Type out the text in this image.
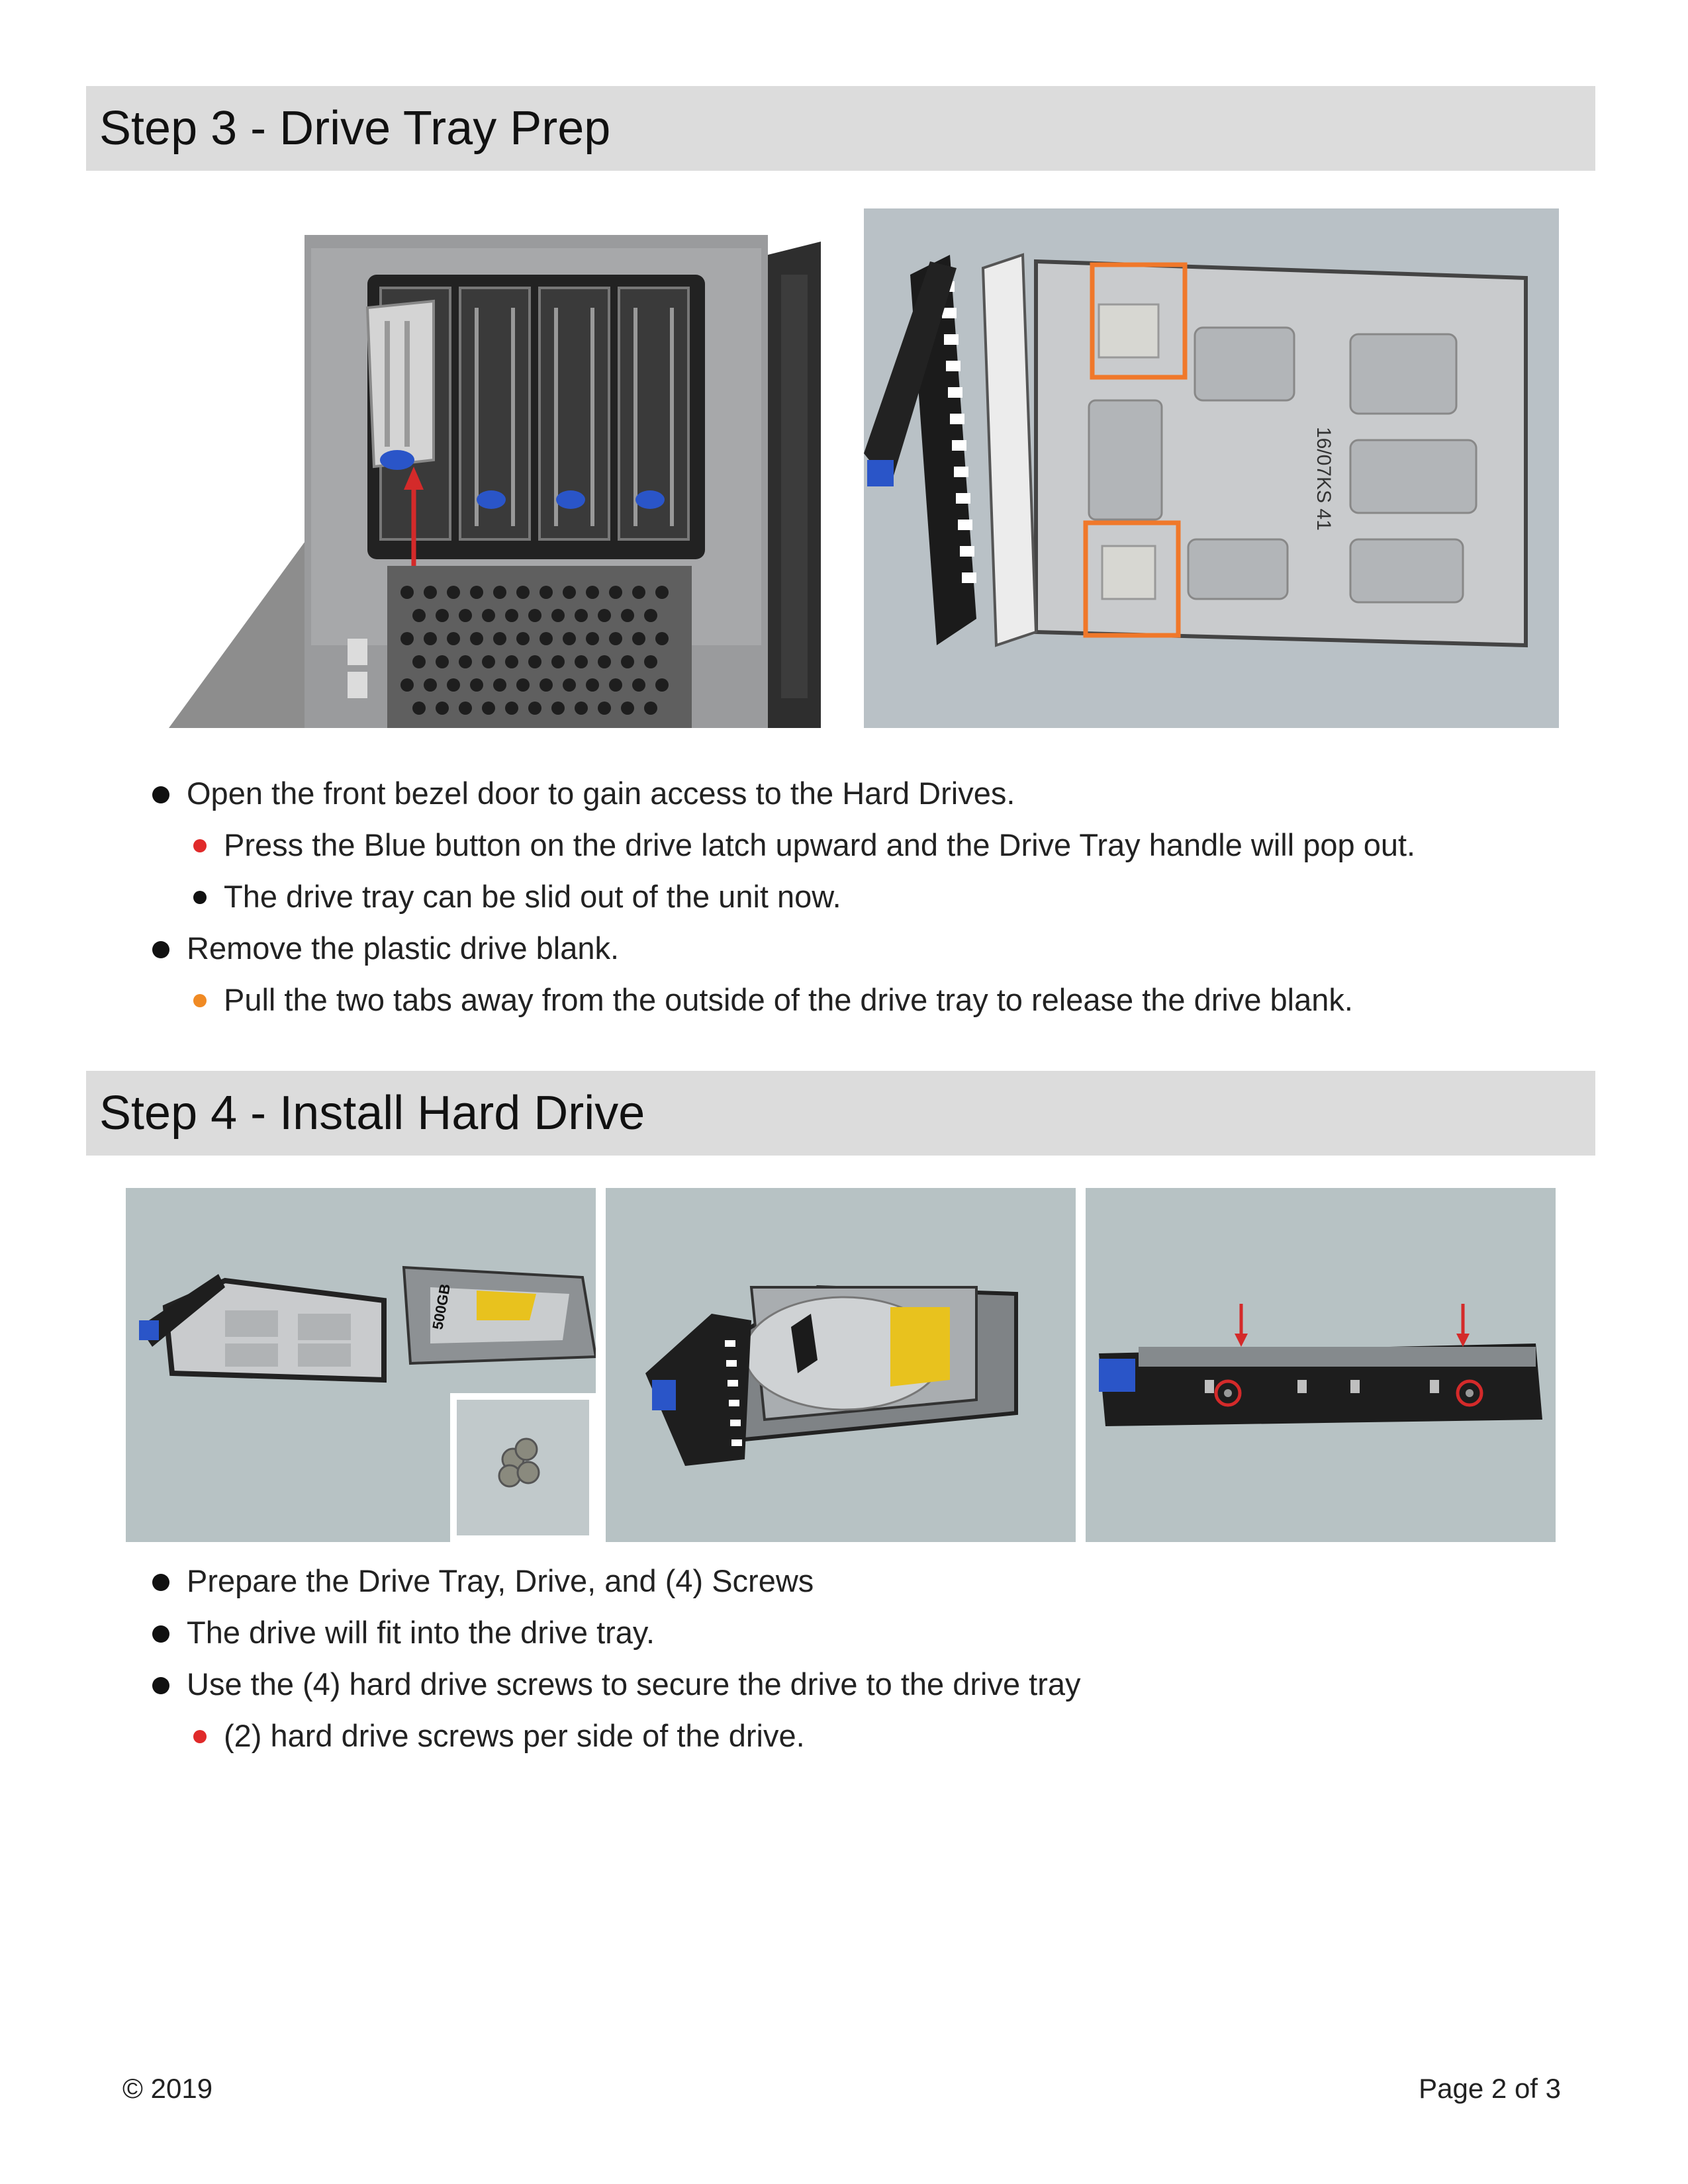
Step 3 - Drive Tray Prep
16/07KS 41
Open the front bezel door to gain access to the Hard Drives.
Press the Blue button on the drive latch upward and the Drive Tray handle will pop out.
The drive tray can be slid out of the unit now.
Remove the plastic drive blank.
Pull the two tabs away from the outside of the drive tray to release the drive blank.
Step 4 - Install Hard Drive
500GB
Prepare the Drive Tray, Drive, and (4) Screws
The drive will fit into the drive tray.
Use the (4) hard drive screws to secure the drive to the drive tray
(2) hard drive screws per side of the drive.
© 2019	Page 2 of 3
